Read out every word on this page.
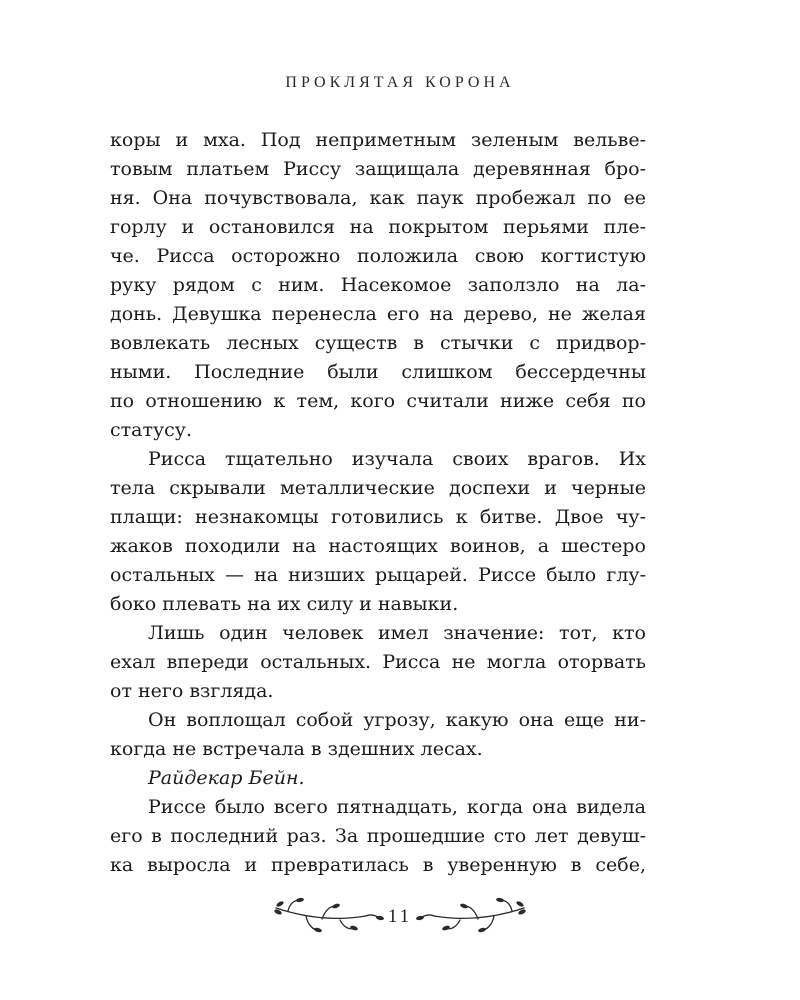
ПРОКЛЯТАЯ КОРОНА
коры и мха. Под неприметным зеленым вельве-
товым платьем Риссу защищала деревянная бро-
ня. Она почувствовала, как паук пробежал по ее
горлу и остановился на покрытом перьями пле-
че. Рисса осторожно положила свою когтистую
руку рядом с ним. Насекомое заползло на ла-
донь. Девушка перенесла его на дерево, не желая
вовлекать лесных существ в стычки с придвор-
ными. Последние были слишком бессердечны
по отношению к тем, кого считали ниже себя по
статусу.
Рисса тщательно изучала своих врагов. Их
тела скрывали металлические доспехи и черные
плащи: незнакомцы готовились к битве. Двое чу-
жаков походили на настоящих воинов, а шестеро
остальных — на низших рыцарей. Риссе было глу-
боко плевать на их силу и навыки.
Лишь один человек имел значение: тот, кто
ехал впереди остальных. Рисса не могла оторвать
от него взгляда.
Он воплощал собой угрозу, какую она еще ни-
когда не встречала в здешних лесах.
Райдекар Бейн.
Риссе было всего пятнадцать, когда она видела
его в последний раз. За прошедшие сто лет девуш-
ка выросла и превратилась в уверенную в себе,
11
